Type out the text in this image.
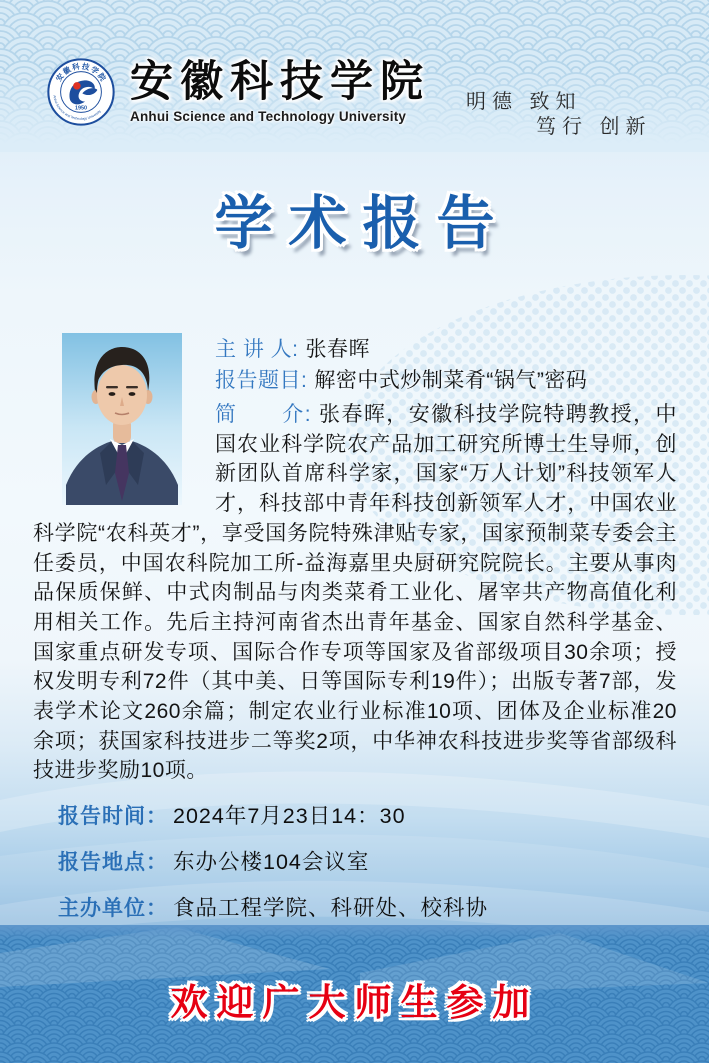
安徽科技学院
Anhui Science and Technology University
1950
安徽科技学院
Anhui Science and Technology University
明德 致知
笃行 创新
学术报告
主 讲 人: 张春晖
报告题目: 解密中式炒制菜肴“锅气”密码

简　　介: 张春晖，安徽科技学院特聘教授，中国农业科学院农产品加工研究所博士生导师，创新团队首席科学家，国家“万人计划”科技领军人才，科技部中青年科技创新领军人才，中国农业科学院“农科英才”，享受国务院特殊津贴专家，国家预制菜专委会主任委员，中国农科院加工所-益海嘉里央厨研究院院长。主要从事肉品保质保鲜、中式肉制品与肉类菜肴工业化、屠宰共产物高值化利用相关工作。先后主持河南省杰出青年基金、国家自然科学基金、国家重点研发专项、国际合作专项等国家及省部级项目30余项；授权发明专利72件（其中美、日等国际专利19件）；出版专著7部，发表学术论文260余篇；制定农业行业标准10项、团体及企业标准20余项；获国家科技进步二等奖2项，中华神农科技进步奖等省部级科技进步奖励10项。

报告时间： 2024年7月23日14：30
报告地点： 东办公楼104会议室
主办单位： 食品工程学院、科研处、校科协
欢迎广大师生参加
